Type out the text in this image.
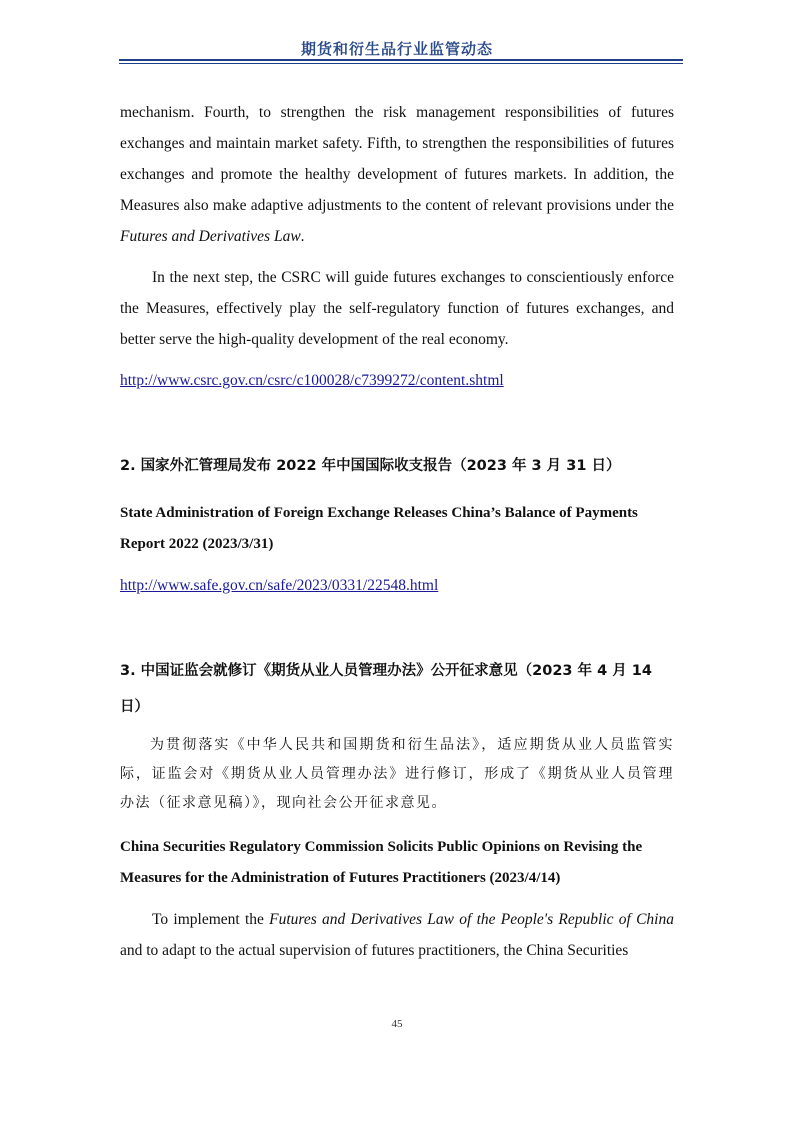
期货和衍生品行业监管动态

mechanism. Fourth, to strengthen the risk management responsibilities of futures exchanges and maintain market safety. Fifth, to strengthen the responsibilities of futures exchanges and promote the healthy development of futures markets. In addition, the Measures also make adaptive adjustments to the content of relevant provisions under the Futures and Derivatives Law.

In the next step, the CSRC will guide futures exchanges to conscientiously enforce the Measures, effectively play the self-regulatory function of futures exchanges, and better serve the high-quality development of the real economy.

http://www.csrc.gov.cn/csrc/c100028/c7399272/content.shtml

2. 国家外汇管理局发布 2022 年中国国际收支报告（2023 年 3 月 31 日）

State Administration of Foreign Exchange Releases China’s Balance of Payments Report 2022 (2023/3/31)

http://www.safe.gov.cn/safe/2023/0331/22548.html

3. 中国证监会就修订《期货从业人员管理办法》公开征求意见（2023 年 4 月 14 日）

为贯彻落实《中华人民共和国期货和衍生品法》，适应期货从业人员监管实际，证监会对《期货从业人员管理办法》进行修订，形成了《期货从业人员管理办法（征求意见稿）》，现向社会公开征求意见。

China Securities Regulatory Commission Solicits Public Opinions on Revising the Measures for the Administration of Futures Practitioners (2023/4/14)

To implement the Futures and Derivatives Law of the People's Republic of China and to adapt to the actual supervision of futures practitioners, the China Securities

45
